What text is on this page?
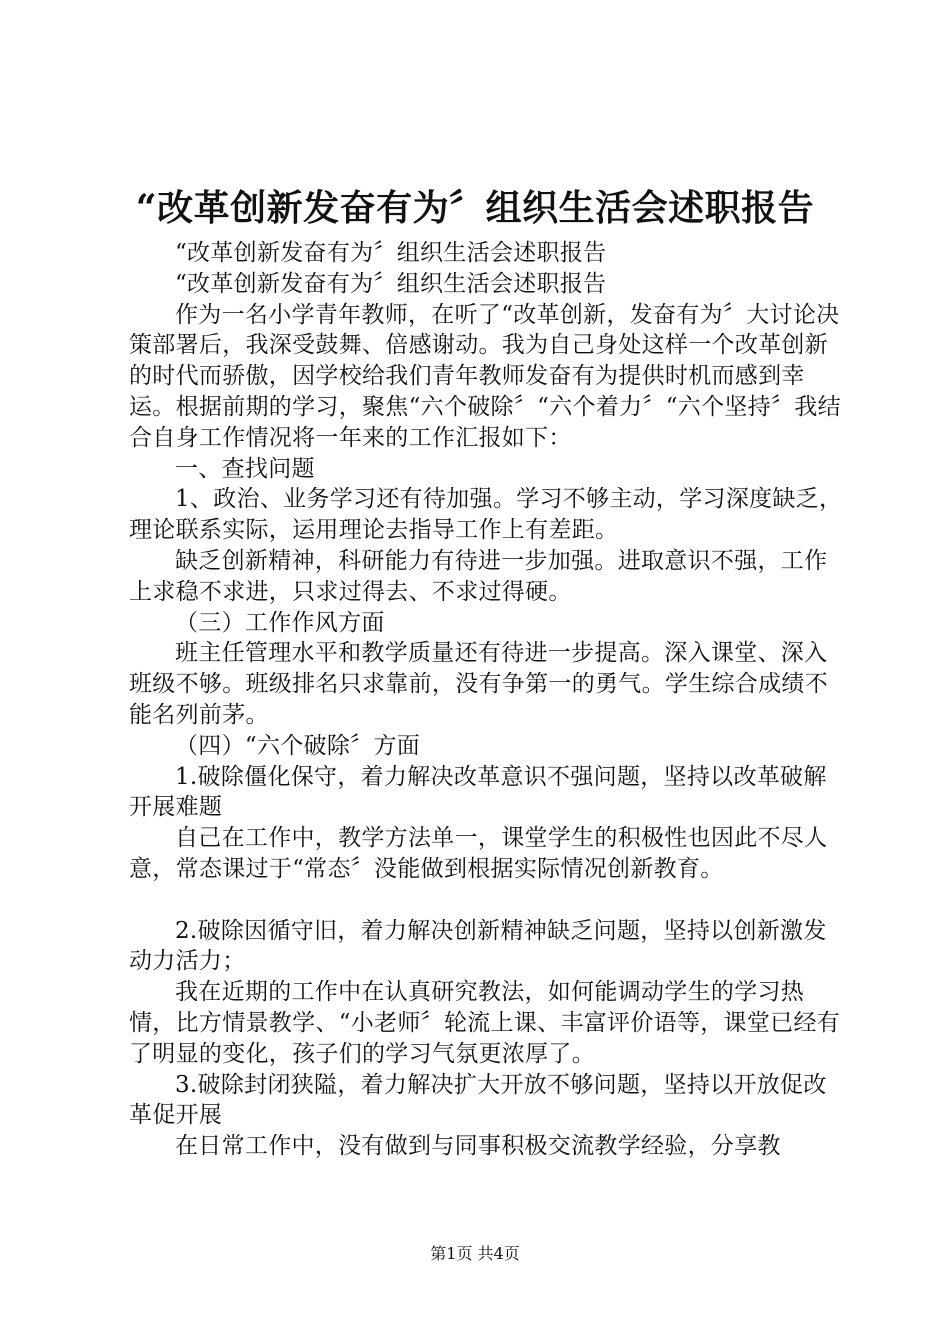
“改革创新发奋有为〞组织生活会述职报告

“改革创新发奋有为〞组织生活会述职报告

“改革创新发奋有为〞组织生活会述职报告

作为一名小学青年教师，在听了“改革创新，发奋有为〞大讨论决策部署后，我深受鼓舞、倍感谢动。我为自己身处这样一个改革创新的时代而骄傲，因学校给我们青年教师发奋有为提供时机而感到幸运。根据前期的学习，聚焦“六个破除〞“六个着力〞“六个坚持〞我结合自身工作情况将一年来的工作汇报如下：

一、查找问题

1、政治、业务学习还有待加强。学习不够主动，学习深度缺乏，理论联系实际，运用理论去指导工作上有差距。

缺乏创新精神，科研能力有待进一步加强。进取意识不强，工作上求稳不求进，只求过得去、不求过得硬。

（三）工作作风方面

班主任管理水平和教学质量还有待进一步提高。深入课堂、深入班级不够。班级排名只求靠前，没有争第一的勇气。学生综合成绩不能名列前茅。

（四）“六个破除〞方面

1.破除僵化保守，着力解决改革意识不强问题，坚持以改革破解开展难题

自己在工作中，教学方法单一，课堂学生的积极性也因此不尽人意，常态课过于“常态〞没能做到根据实际情况创新教育。

2.破除因循守旧，着力解决创新精神缺乏问题，坚持以创新激发动力活力；

我在近期的工作中在认真研究教法，如何能调动学生的学习热情，比方情景教学、“小老师〞轮流上课、丰富评价语等，课堂已经有了明显的变化，孩子们的学习气氛更浓厚了。

3.破除封闭狭隘，着力解决扩大开放不够问题，坚持以开放促改革促开展

在日常工作中，没有做到与同事积极交流教学经验，分享教

第1页 共4页
